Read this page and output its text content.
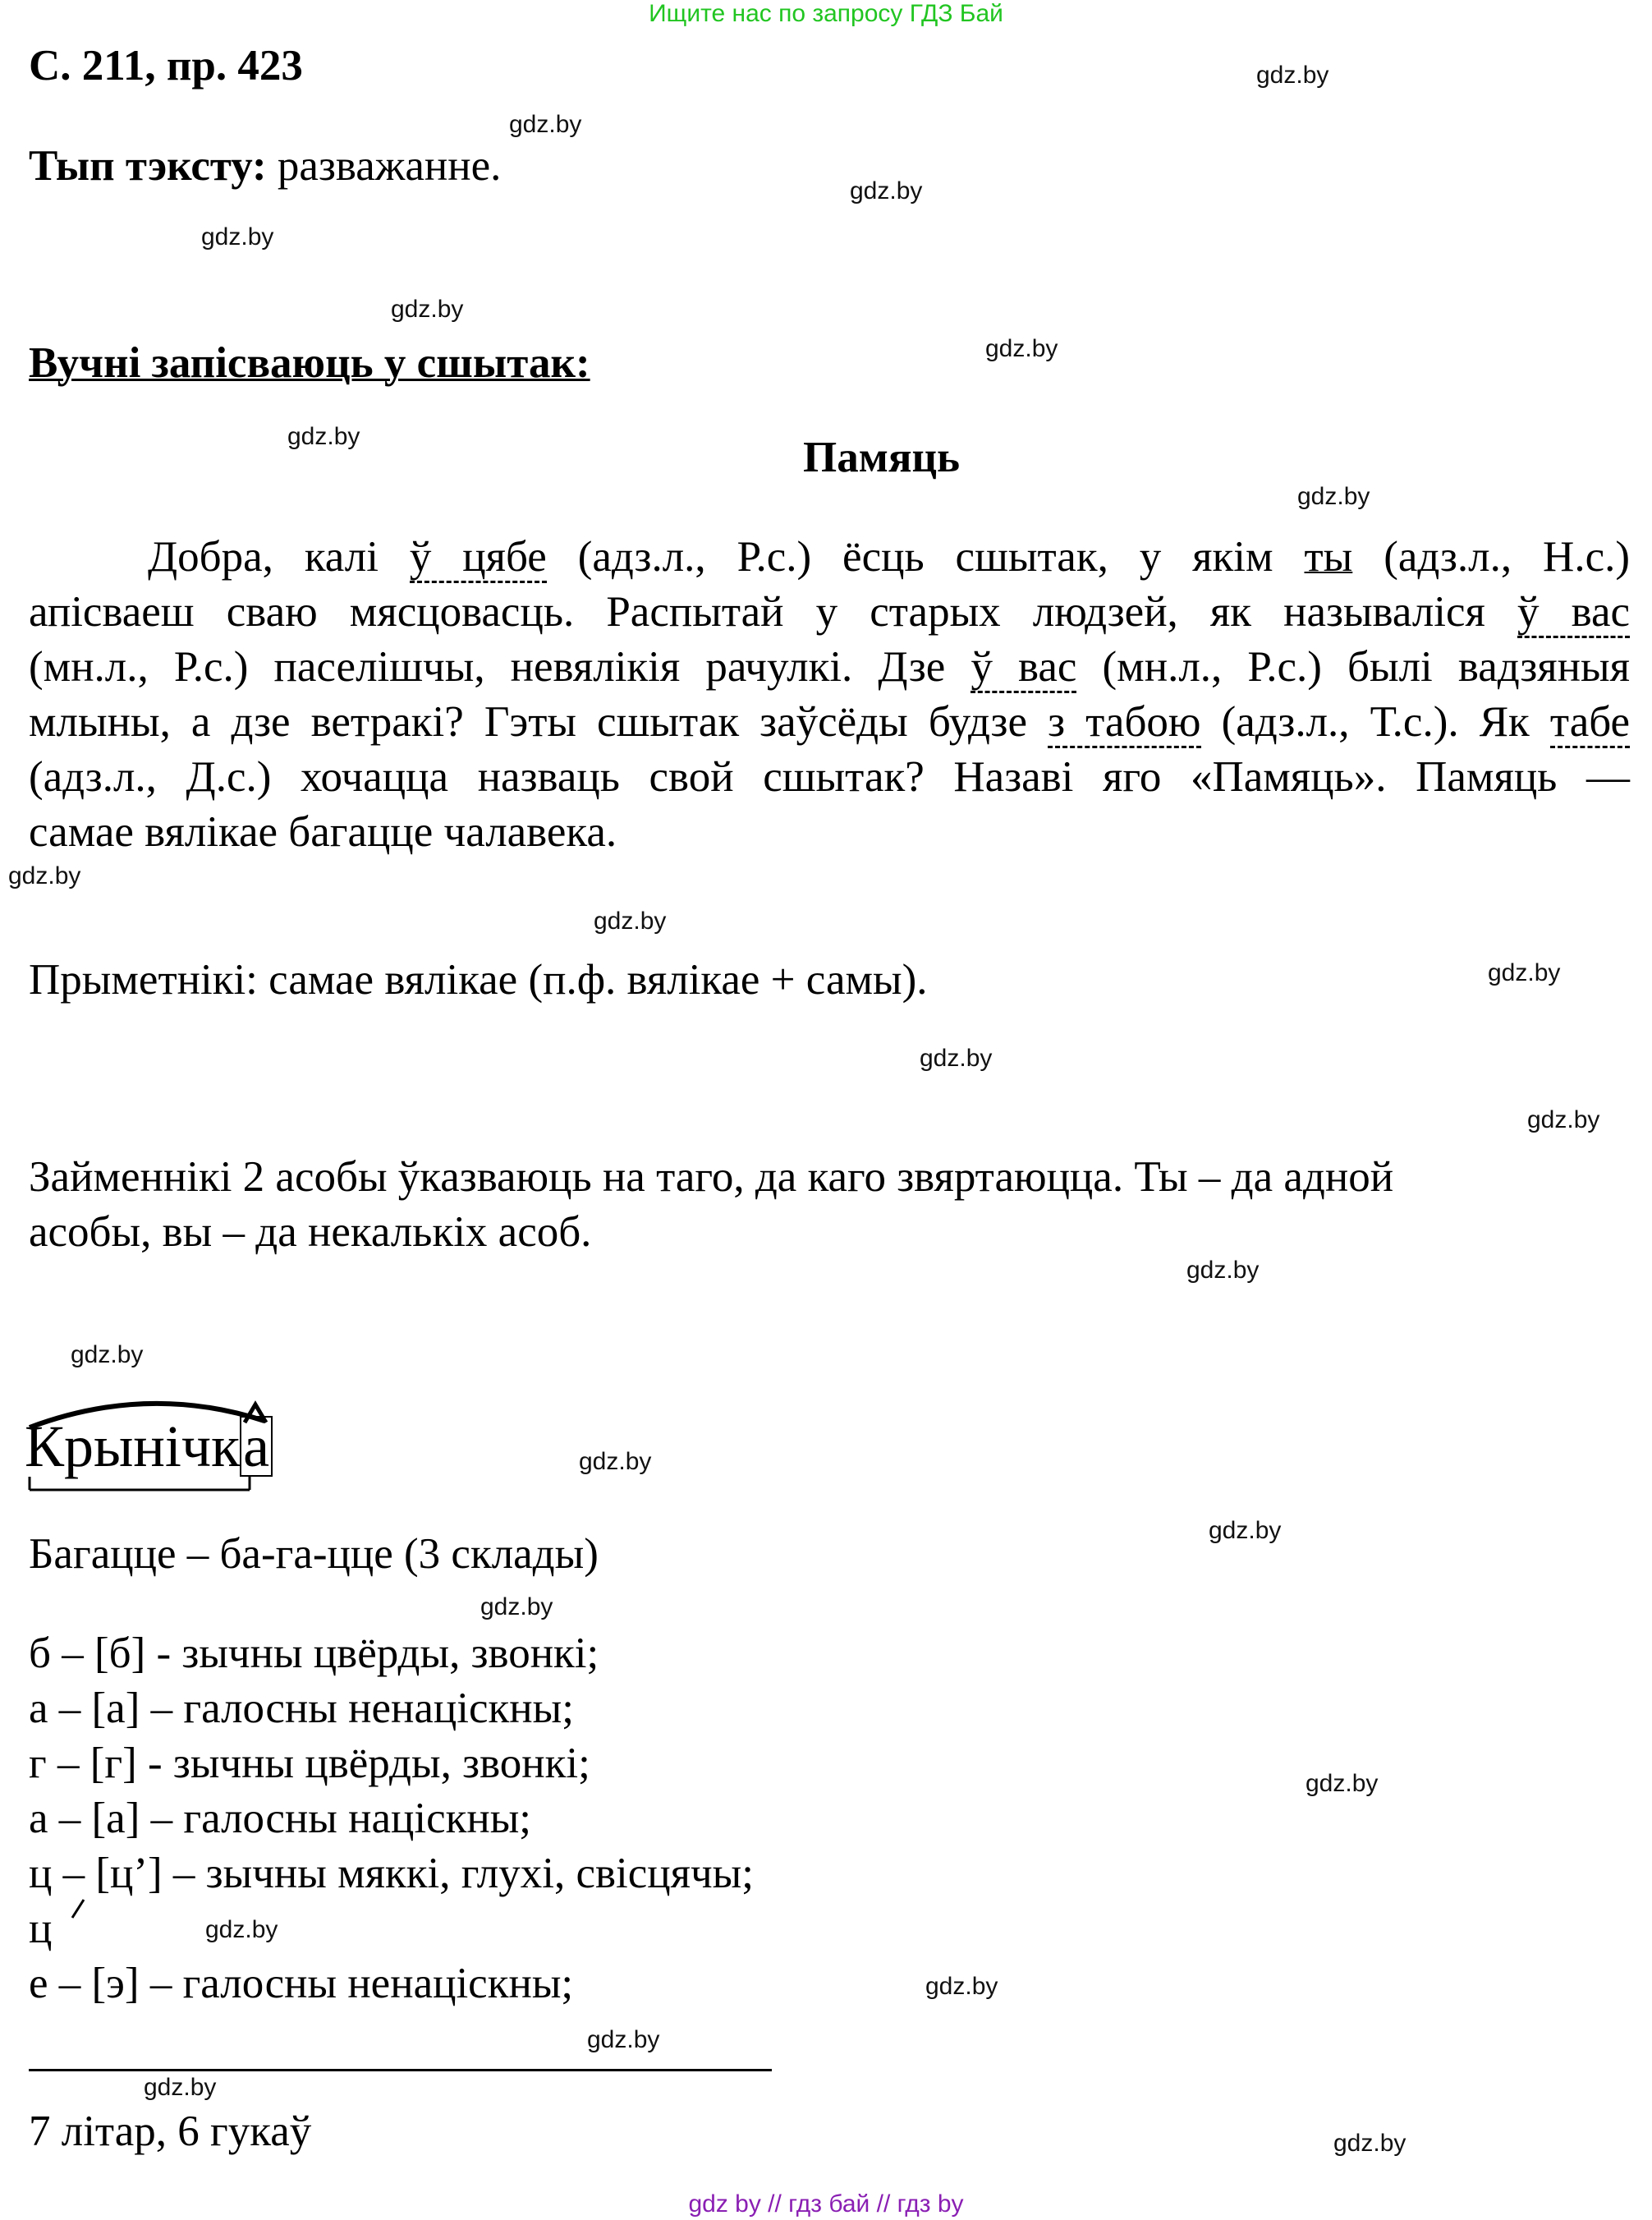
Ищите нас по запросу ГДЗ Бай
gdz by // гдз бай // гдз by
gdz.by
gdz.by
gdz.by
gdz.by
gdz.by
gdz.by
gdz.by
gdz.by
gdz.by
gdz.by
gdz.by
gdz.by
gdz.by
gdz.by
gdz.by
gdz.by
gdz.by
gdz.by
gdz.by
gdz.by
gdz.by
gdz.by
gdz.by
gdz.by
С. 211, пр. 423
Тып тэксту: разважанне.
Вучні запісваюць у сшытак:
Памяць
Добра, калі ў цябе (адз.л., Р.с.) ёсць сшытак, у якім ты (адз.л., Н.с.)
апісваеш сваю мясцовасць. Распытай у старых людзей, як называліся ў вас
(мн.л., Р.с.) паселішчы, невялікія рачулкі. Дзе ў вас (мн.л., Р.с.) былі вадзяныя
млыны, а дзе ветракі? Гэты сшытак заўсёды будзе з табою (адз.л., Т.с.). Як табе
(адз.л., Д.с.) хочацца назваць свой сшытак? Назаві яго «Памяць». Памяць —
самае вялікае багацце чалавека.
Прыметнікі: самае вялікае (п.ф. вялікае + самы).
Займеннікі 2 асобы ўказваюць на таго, да каго звяртаюцца. Ты – да адной
асобы, вы – да некалькіх асоб.
Крынічка
Багацце – ба-га-цце (3 склады)
б – [б] - зычны цвёрды, звонкі;
а – [а] – галосны ненацiскны;
г – [г] - зычны цвёрды, звонкі;
а – [а] – галосны націскны;
ц – [ц’] – зычны мяккі, глухі, свiсцячы;
ц
е – [э] – галосны ненацiскны;
7 літар, 6 гукаў
